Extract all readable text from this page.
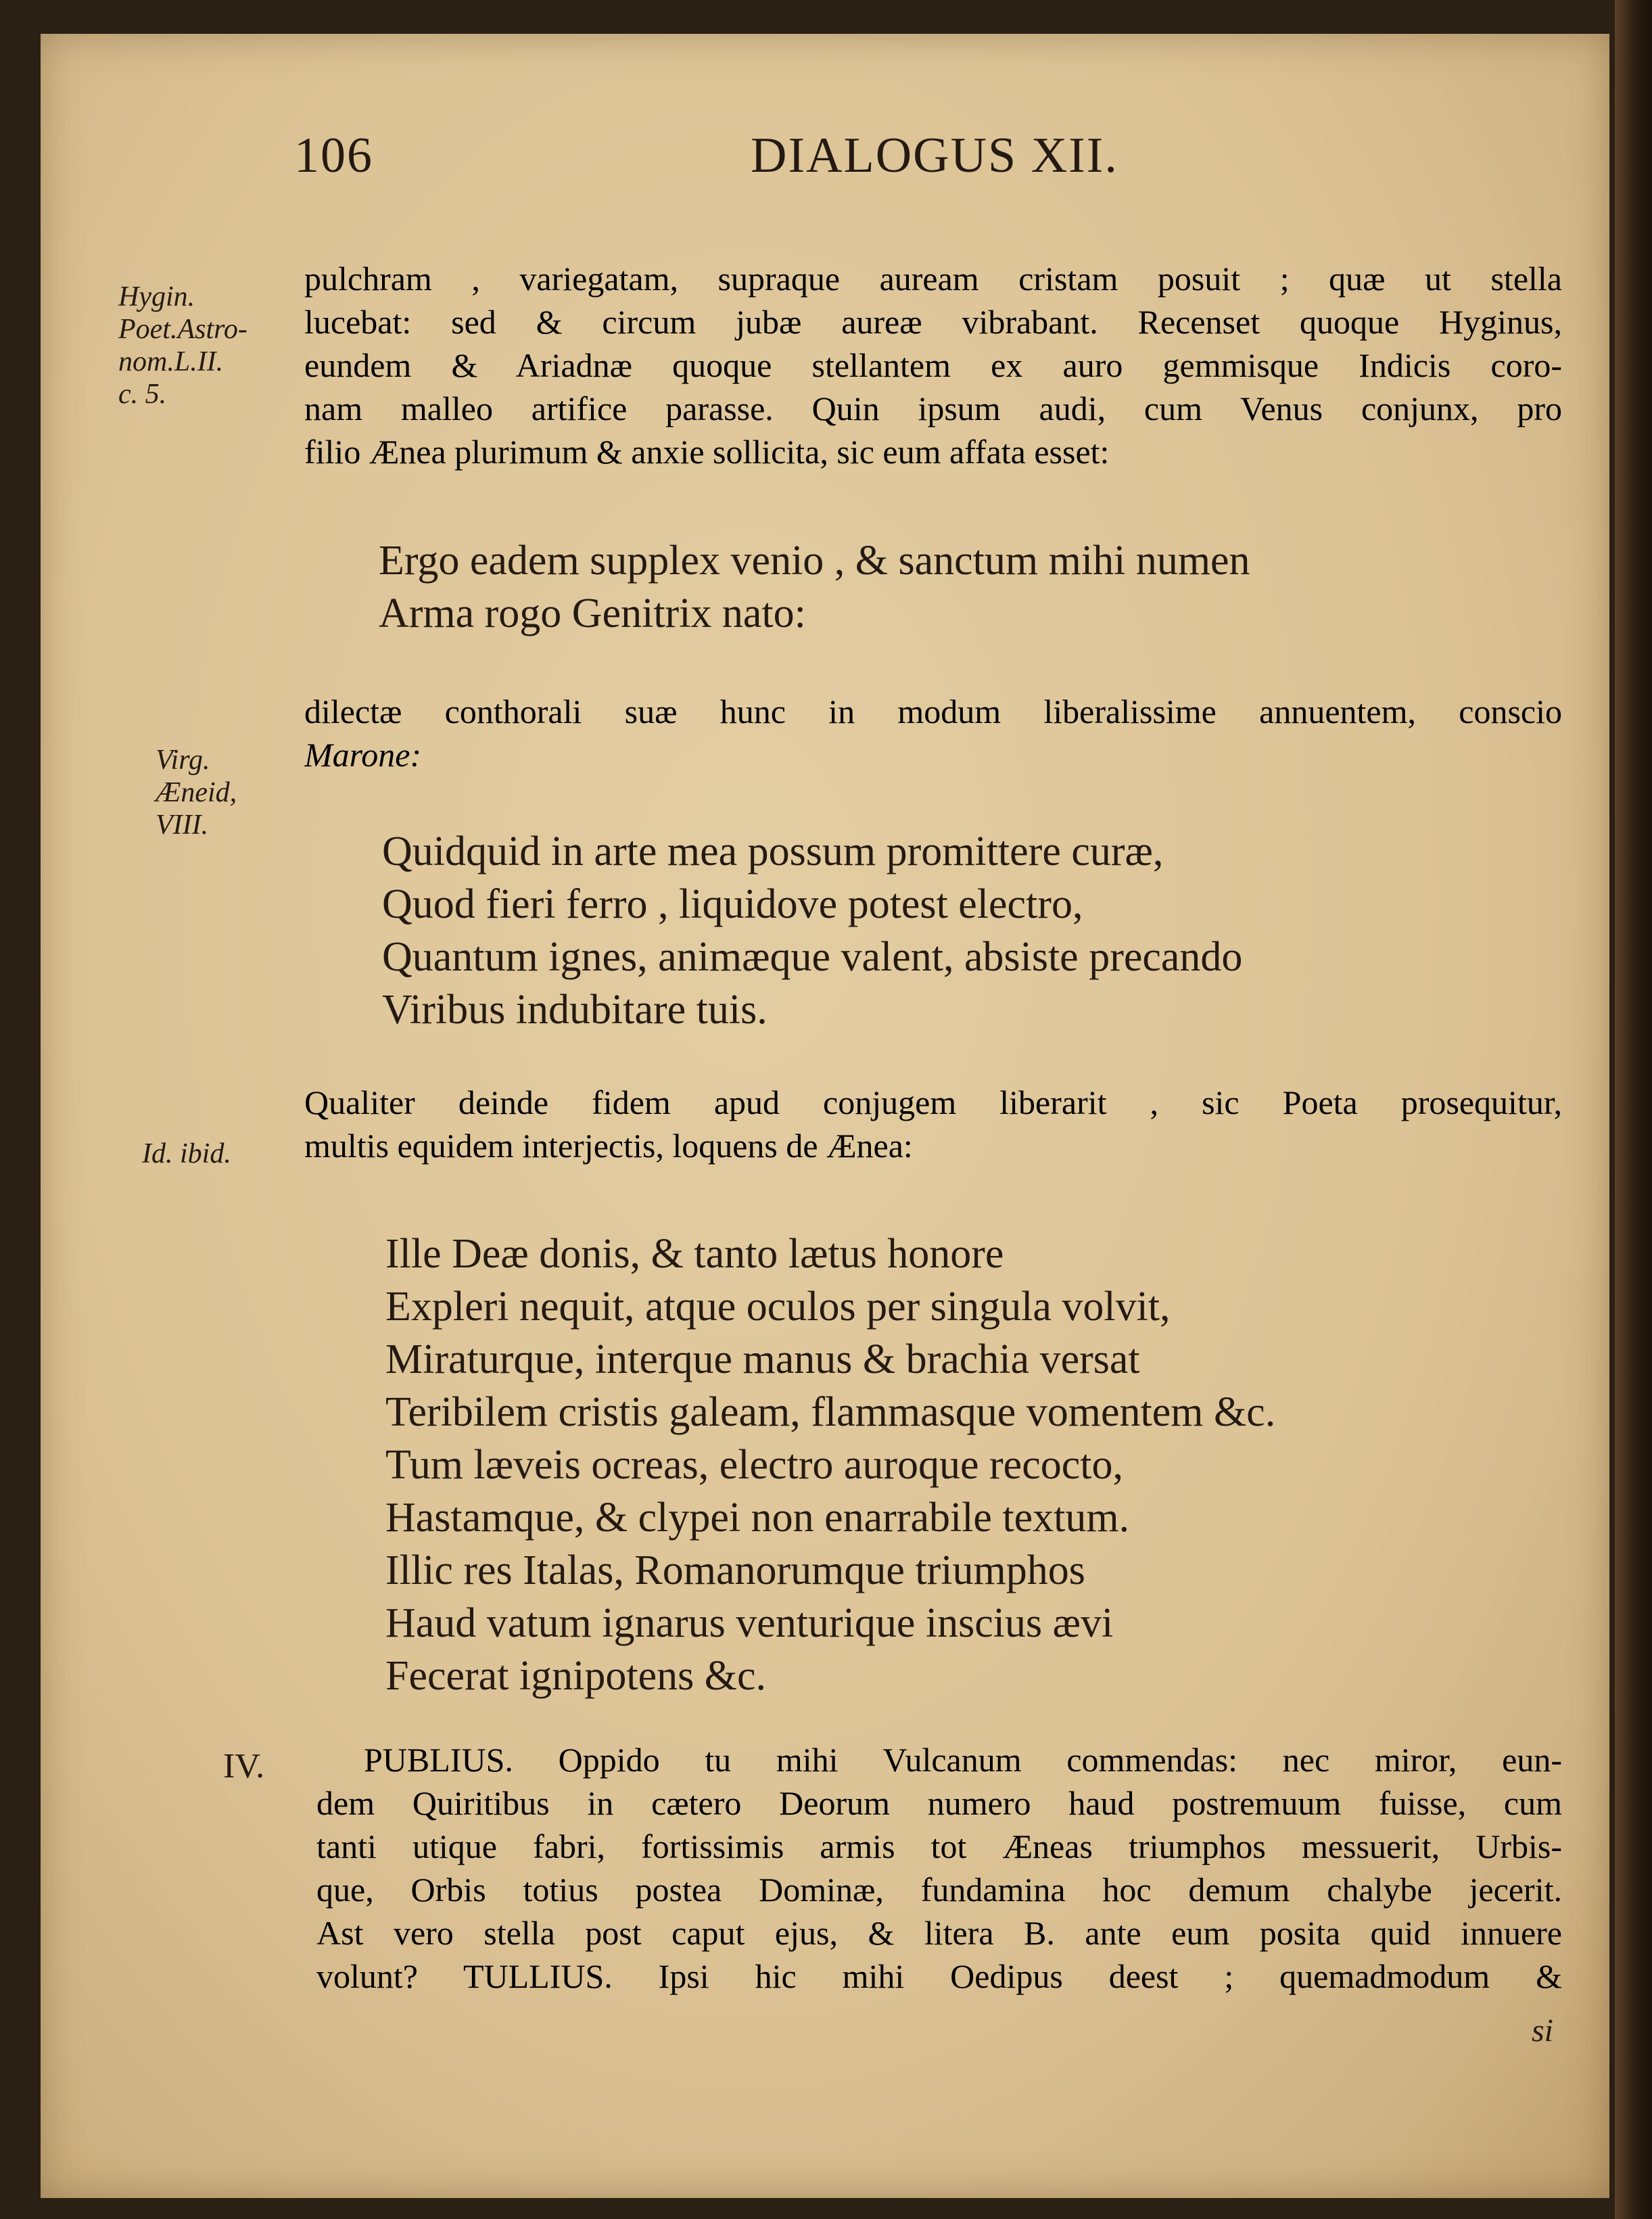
106	DIALOGUS XII.
Hygin.
Poet.Astro-
nom.L.II.
c. 5.
pulchram , variegatam, supraque auream cristam posuit ; quæ ut stella
lucebat: sed & circum jubæ aureæ vibrabant. Recenset quoque Hyginus,
eundem & Ariadnæ quoque stellantem ex auro gemmisque Indicis coro-
nam malleo artifice parasse. Quin ipsum audi, cum Venus conjunx, pro
filio Ænea plurimum & anxie sollicita, sic eum affata esset:
Ergo eadem supplex venio , & sanctum mihi numen
Arma rogo Genitrix nato:
dilectæ conthorali suæ hunc in modum liberalissime annuentem, conscio
Marone:
Virg.
Æneid,
VIII.
Quidquid in arte mea possum promittere curæ,
Quod fieri ferro , liquidove potest electro,
Quantum ignes, animæque valent, absiste precando
Viribus indubitare tuis.
Qualiter deinde fidem apud conjugem liberarit , sic Poeta prosequitur,
multis equidem interjectis, loquens de Ænea:
Id. ibid.
Ille Deæ donis, & tanto lætus honore
Expleri nequit, atque oculos per singula volvit,
Miraturque, interque manus & brachia versat
Teribilem cristis galeam, flammasque vomentem &c.
Tum læveis ocreas, electro auroque recocto,
Hastamque, & clypei non enarrabile textum.
Illic res Italas, Romanorumque triumphos
Haud vatum ignarus venturique inscius ævi
Fecerat ignipotens &c.
IV.	PUBLIUS. Oppido tu mihi Vulcanum commendas: nec miror, eun-
dem Quiritibus in cætero Deorum numero haud postremuum fuisse, cum
tanti utique fabri, fortissimis armis tot Æneas triumphos messuerit, Urbis-
que, Orbis totius postea Dominæ, fundamina hoc demum chalybe jecerit.
Ast vero stella post caput ejus, & litera B. ante eum posita quid innuere
volunt? TULLIUS. Ipsi hic mihi Oedipus deest ; quemadmodum &
si
